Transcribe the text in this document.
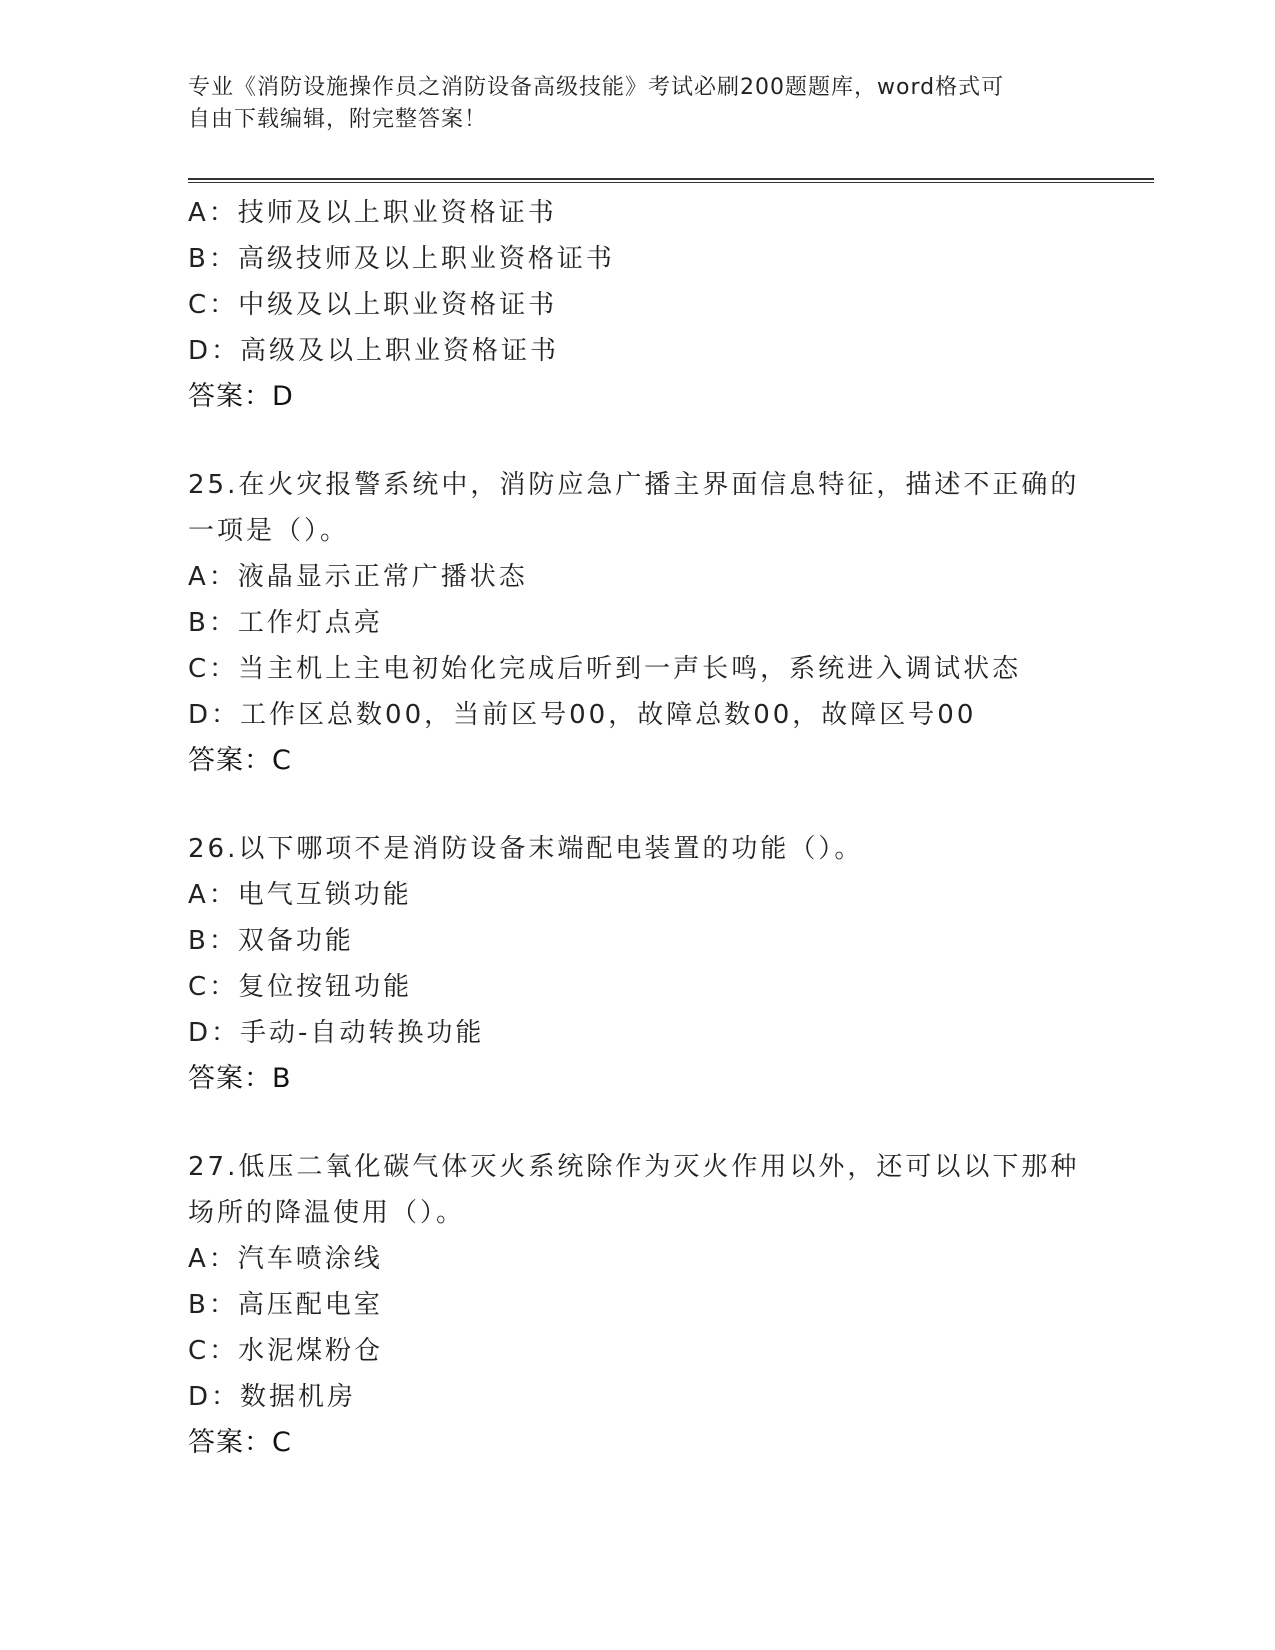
专业《消防设施操作员之消防设备高级技能》考试必刷200题题库，word格式可
自由下载编辑，附完整答案！
A：技师及以上职业资格证书
B：高级技师及以上职业资格证书
C：中级及以上职业资格证书
D：高级及以上职业资格证书
答案：D
25.在火灾报警系统中，消防应急广播主界面信息特征，描述不正确的
一项是（）。
A：液晶显示正常广播状态
B：工作灯点亮
C：当主机上主电初始化完成后听到一声长鸣，系统进入调试状态
D：工作区总数00，当前区号00，故障总数00，故障区号00
答案：C
26.以下哪项不是消防设备末端配电装置的功能（）。
A：电气互锁功能
B：双备功能
C：复位按钮功能
D：手动-自动转换功能
答案：B
27.低压二氧化碳气体灭火系统除作为灭火作用以外，还可以以下那种
场所的降温使用（）。
A：汽车喷涂线
B：高压配电室
C：水泥煤粉仓
D：数据机房
答案：C
